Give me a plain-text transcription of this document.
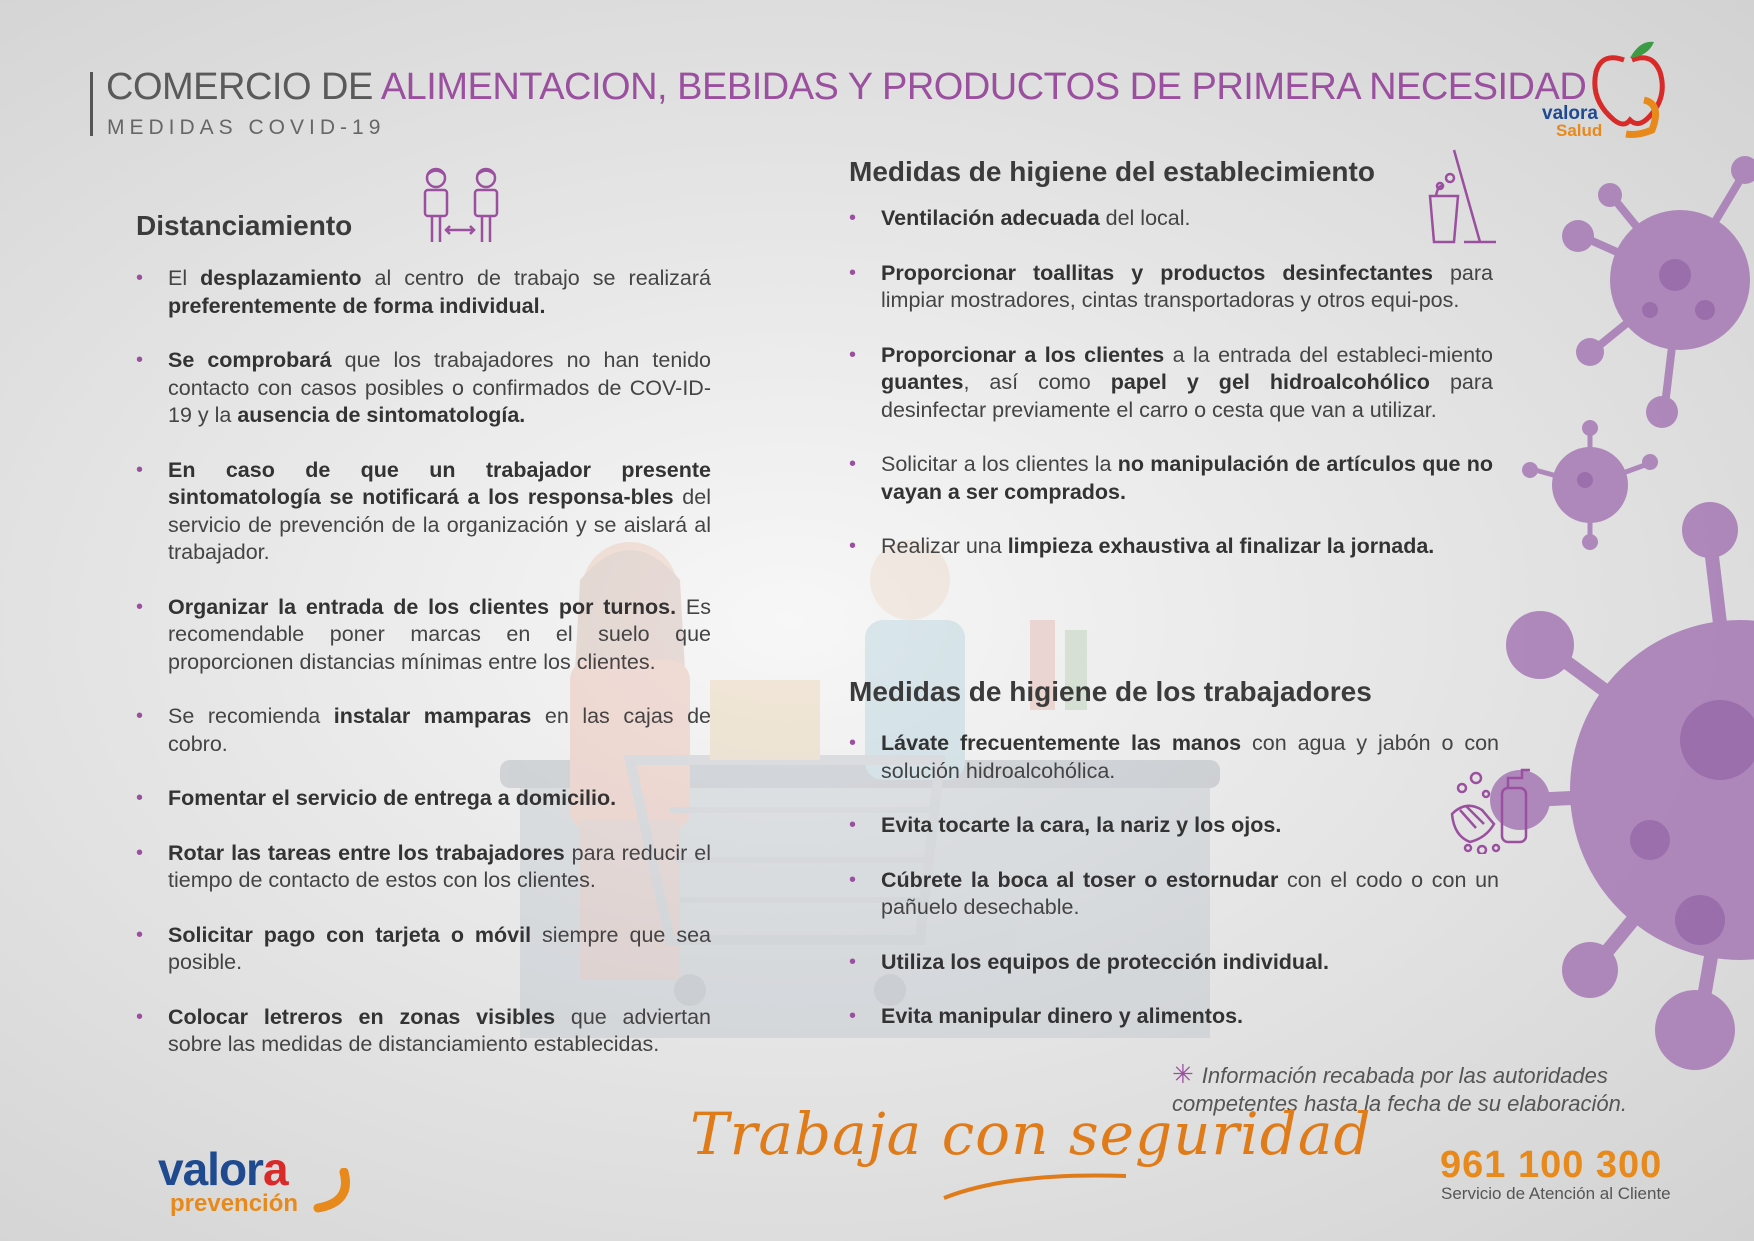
COMERCIO DE ALIMENTACION, BEBIDAS Y PRODUCTOS DE PRIMERA NECESIDAD
MEDIDAS COVID-19
valora
Salud
Distanciamiento
• El desplazamiento al centro de trabajo se realizará preferentemente de forma individual.
• Se comprobará que los trabajadores no han tenido contacto con casos posibles o confirmados de COV-ID-19 y la ausencia de sintomatología.
• En caso de que un trabajador presente sintomatología se notificará a los responsa-bles del servicio de prevención de la organización y se aislará al trabajador.
• Organizar la entrada de los clientes por turnos. Es recomendable poner marcas en el suelo que proporcionen distancias mínimas entre los clientes.
• Se recomienda instalar mamparas en las cajas de cobro.
• Fomentar el servicio de entrega a domicilio.
• Rotar las tareas entre los trabajadores para reducir el tiempo de contacto de estos con los clientes.
• Solicitar pago con tarjeta o móvil siempre que sea posible.
• Colocar letreros en zonas visibles que adviertan sobre las medidas de distanciamiento establecidas.
Medidas de higiene del establecimiento
• Ventilación adecuada del local.
• Proporcionar toallitas y productos desinfectantes para limpiar mostradores, cintas transportadoras y otros equi-pos.
• Proporcionar a los clientes a la entrada del estableci-miento guantes, así como papel y gel hidroalcohólico para desinfectar previamente el carro o cesta que van a utilizar.
• Solicitar a los clientes la no manipulación de artículos que no vayan a ser comprados.
• Realizar una limpieza exhaustiva al finalizar la jornada.
Medidas de higiene de los trabajadores
• Lávate frecuentemente las manos con agua y jabón o con solución hidroalcohólica.
• Evita tocarte la cara, la nariz y los ojos.
• Cúbrete la boca al toser o estornudar con el codo o con un pañuelo desechable.
• Utiliza los equipos de protección individual.
• Evita manipular dinero y alimentos.
✳ Información recabada por las autoridades competentes hasta la fecha de su elaboración.
Trabaja con seguridad
valora
prevención
961 100 300
Servicio de Atención al Cliente
